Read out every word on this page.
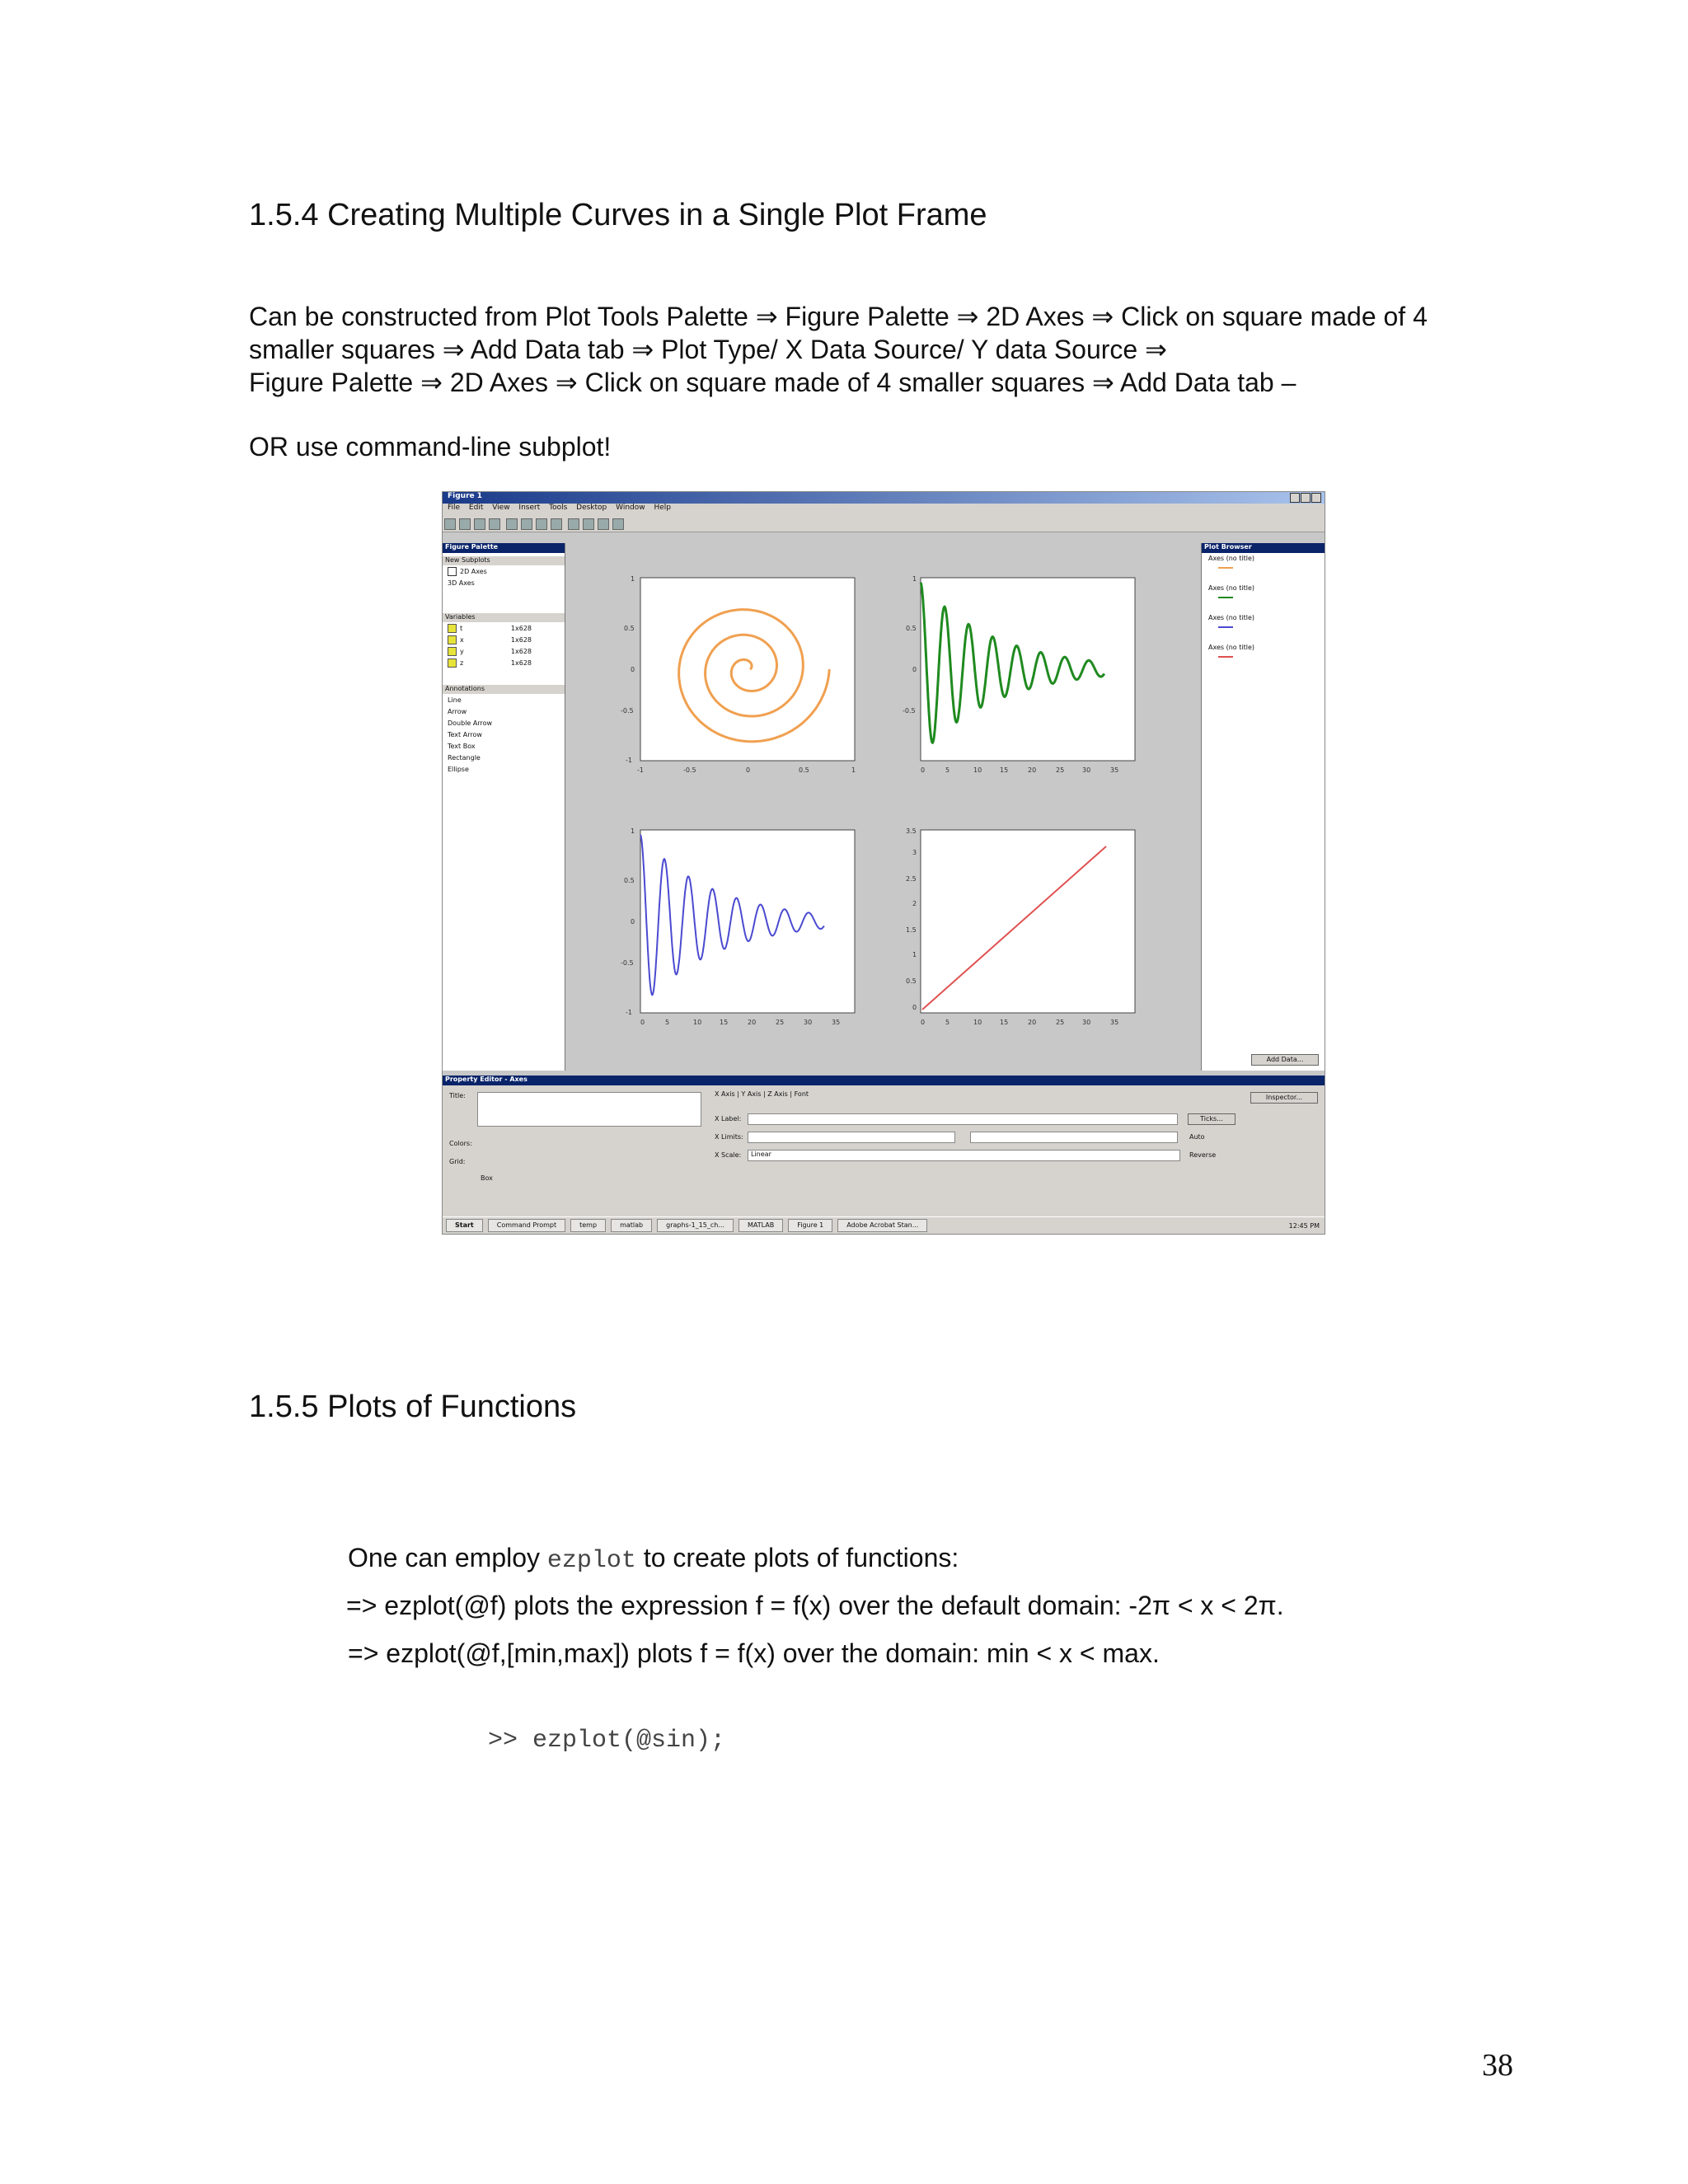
1.5.4 Creating Multiple Curves in a Single Plot Frame
Can be constructed from Plot Tools Palette ⇒ Figure Palette ⇒ 2D Axes ⇒ Click on square made of 4
smaller squares ⇒ Add Data tab ⇒ Plot Type/ X Data Source/ Y data Source ⇒
Figure Palette ⇒ 2D Axes ⇒ Click on square made of 4 smaller squares ⇒ Add Data tab –
OR use command-line subplot!
Figure 1
File Edit View Insert Tools Desktop Window Help

Figure Palette
New Subplots
2D Axes
3D Axes
Variables
t	1x628
x	1x628
y	1x628
z	1x628
Annotations
Line
Arrow
Double Arrow
Text Arrow
Text Box
Rectangle
Ellipse
1
0.5
0
-0.5
-1
-1	-0.5	0	0.5	1
1
0.5
0
-0.5
0	5	10	15	20	25	30	35
1
0.5
0
-0.5
-1
0	5	10	15	20	25	30	35
3.5
3
2.5
2
1.5
1
0.5
0
0	5	10	15	20	25	30	35
Plot Browser
Axes (no title)
Axes (no title)
Axes (no title)
Axes (no title)
Add Data...
Property Editor - Axes
Title:
Colors:
Grid:
Box
X Axis | Y Axis | Z Axis | Font
X Label:
X Limits:
X Scale:	Linear
Ticks...
Auto
Reverse
Inspector...
Start	Command Prompt	temp	matlab	graphs-1_15_ch...	MATLAB	Figure 1	Adobe Acrobat Stan...	12:45 PM
1.5.5 Plots of Functions
One can employ ezplot to create plots of functions:
=> ezplot(@f) plots the expression f = f(x) over the default domain: -2π < x < 2π.
=> ezplot(@f,[min,max]) plots f = f(x) over the domain: min < x < max.
>> ezplot(@sin);
38
